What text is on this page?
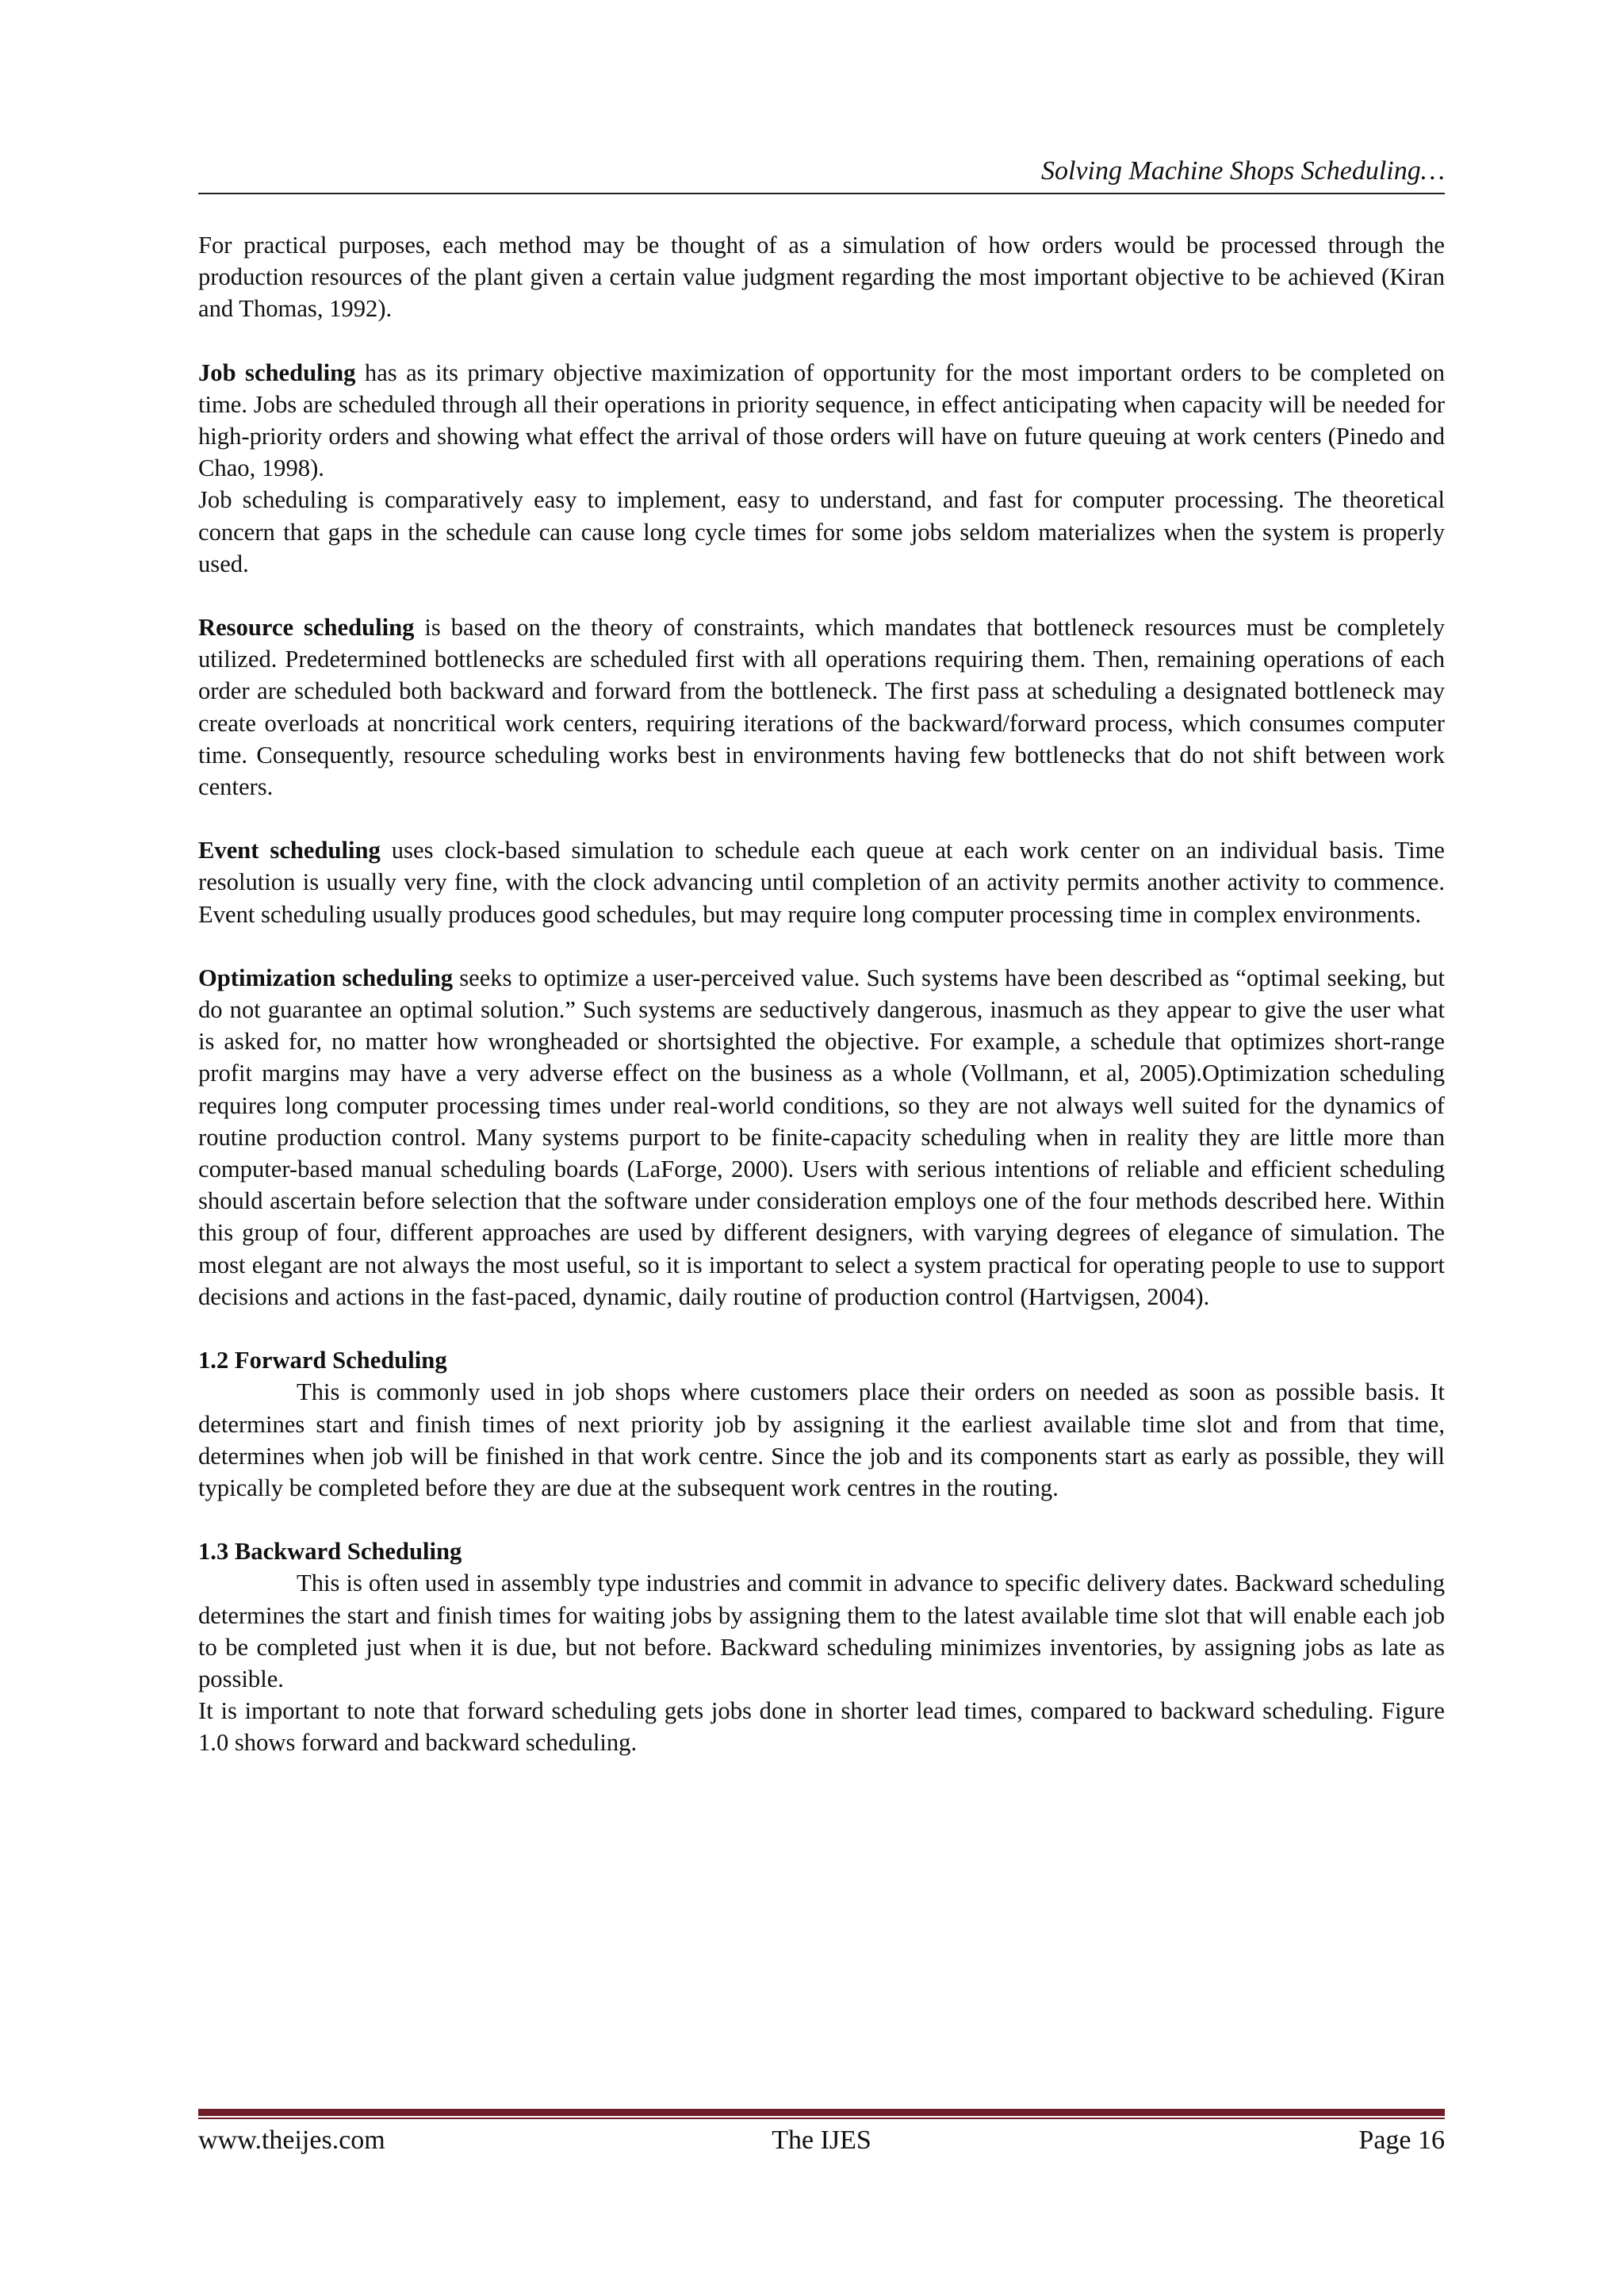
Solving Machine Shops Scheduling…

For practical purposes, each method may be thought of as a simulation of how orders would be processed through the production resources of the plant given a certain value judgment regarding the most important objective to be achieved (Kiran and Thomas, 1992).

Job scheduling has as its primary objective maximization of opportunity for the most important orders to be completed on time. Jobs are scheduled through all their operations in priority sequence, in effect anticipating when capacity will be needed for high-priority orders and showing what effect the arrival of those orders will have on future queuing at work centers (Pinedo and Chao, 1998).

Job scheduling is comparatively easy to implement, easy to understand, and fast for computer processing. The theoretical concern that gaps in the schedule can cause long cycle times for some jobs seldom materializes when the system is properly used.

Resource scheduling is based on the theory of constraints, which mandates that bottleneck resources must be completely utilized. Predetermined bottlenecks are scheduled first with all operations requiring them. Then, remaining operations of each order are scheduled both backward and forward from the bottleneck. The first pass at scheduling a designated bottleneck may create overloads at noncritical work centers, requiring iterations of the backward/forward process, which consumes computer time. Consequently, resource scheduling works best in environments having few bottlenecks that do not shift between work centers.

Event scheduling uses clock-based simulation to schedule each queue at each work center on an individual basis. Time resolution is usually very fine, with the clock advancing until completion of an activity permits another activity to commence. Event scheduling usually produces good schedules, but may require long computer processing time in complex environments.

Optimization scheduling seeks to optimize a user-perceived value. Such systems have been described as “optimal seeking, but do not guarantee an optimal solution.” Such systems are seductively dangerous, inasmuch as they appear to give the user what is asked for, no matter how wrongheaded or shortsighted the objective. For example, a schedule that optimizes short-range profit margins may have a very adverse effect on the business as a whole (Vollmann, et al, 2005).Optimization scheduling requires long computer processing times under real-world conditions, so they are not always well suited for the dynamics of routine production control. Many systems purport to be finite-capacity scheduling when in reality they are little more than computer-based manual scheduling boards (LaForge, 2000). Users with serious intentions of reliable and efficient scheduling should ascertain before selection that the software under consideration employs one of the four methods described here. Within this group of four, different approaches are used by different designers, with varying degrees of elegance of simulation. The most elegant are not always the most useful, so it is important to select a system practical for operating people to use to support decisions and actions in the fast-paced, dynamic, daily routine of production control (Hartvigsen, 2004).

1.2 Forward Scheduling

This is commonly used in job shops where customers place their orders on needed as soon as possible basis. It determines start and finish times of next priority job by assigning it the earliest available time slot and from that time, determines when job will be finished in that work centre. Since the job and its components start as early as possible, they will typically be completed before they are due at the subsequent work centres in the routing.

1.3 Backward Scheduling

This is often used in assembly type industries and commit in advance to specific delivery dates. Backward scheduling determines the start and finish times for waiting jobs by assigning them to the latest available time slot that will enable each job to be completed just when it is due, but not before. Backward scheduling minimizes inventories, by assigning jobs as late as possible.

It is important to note that forward scheduling gets jobs done in shorter lead times, compared to backward scheduling. Figure 1.0 shows forward and backward scheduling.

www.theijes.com	The IJES	Page 16
